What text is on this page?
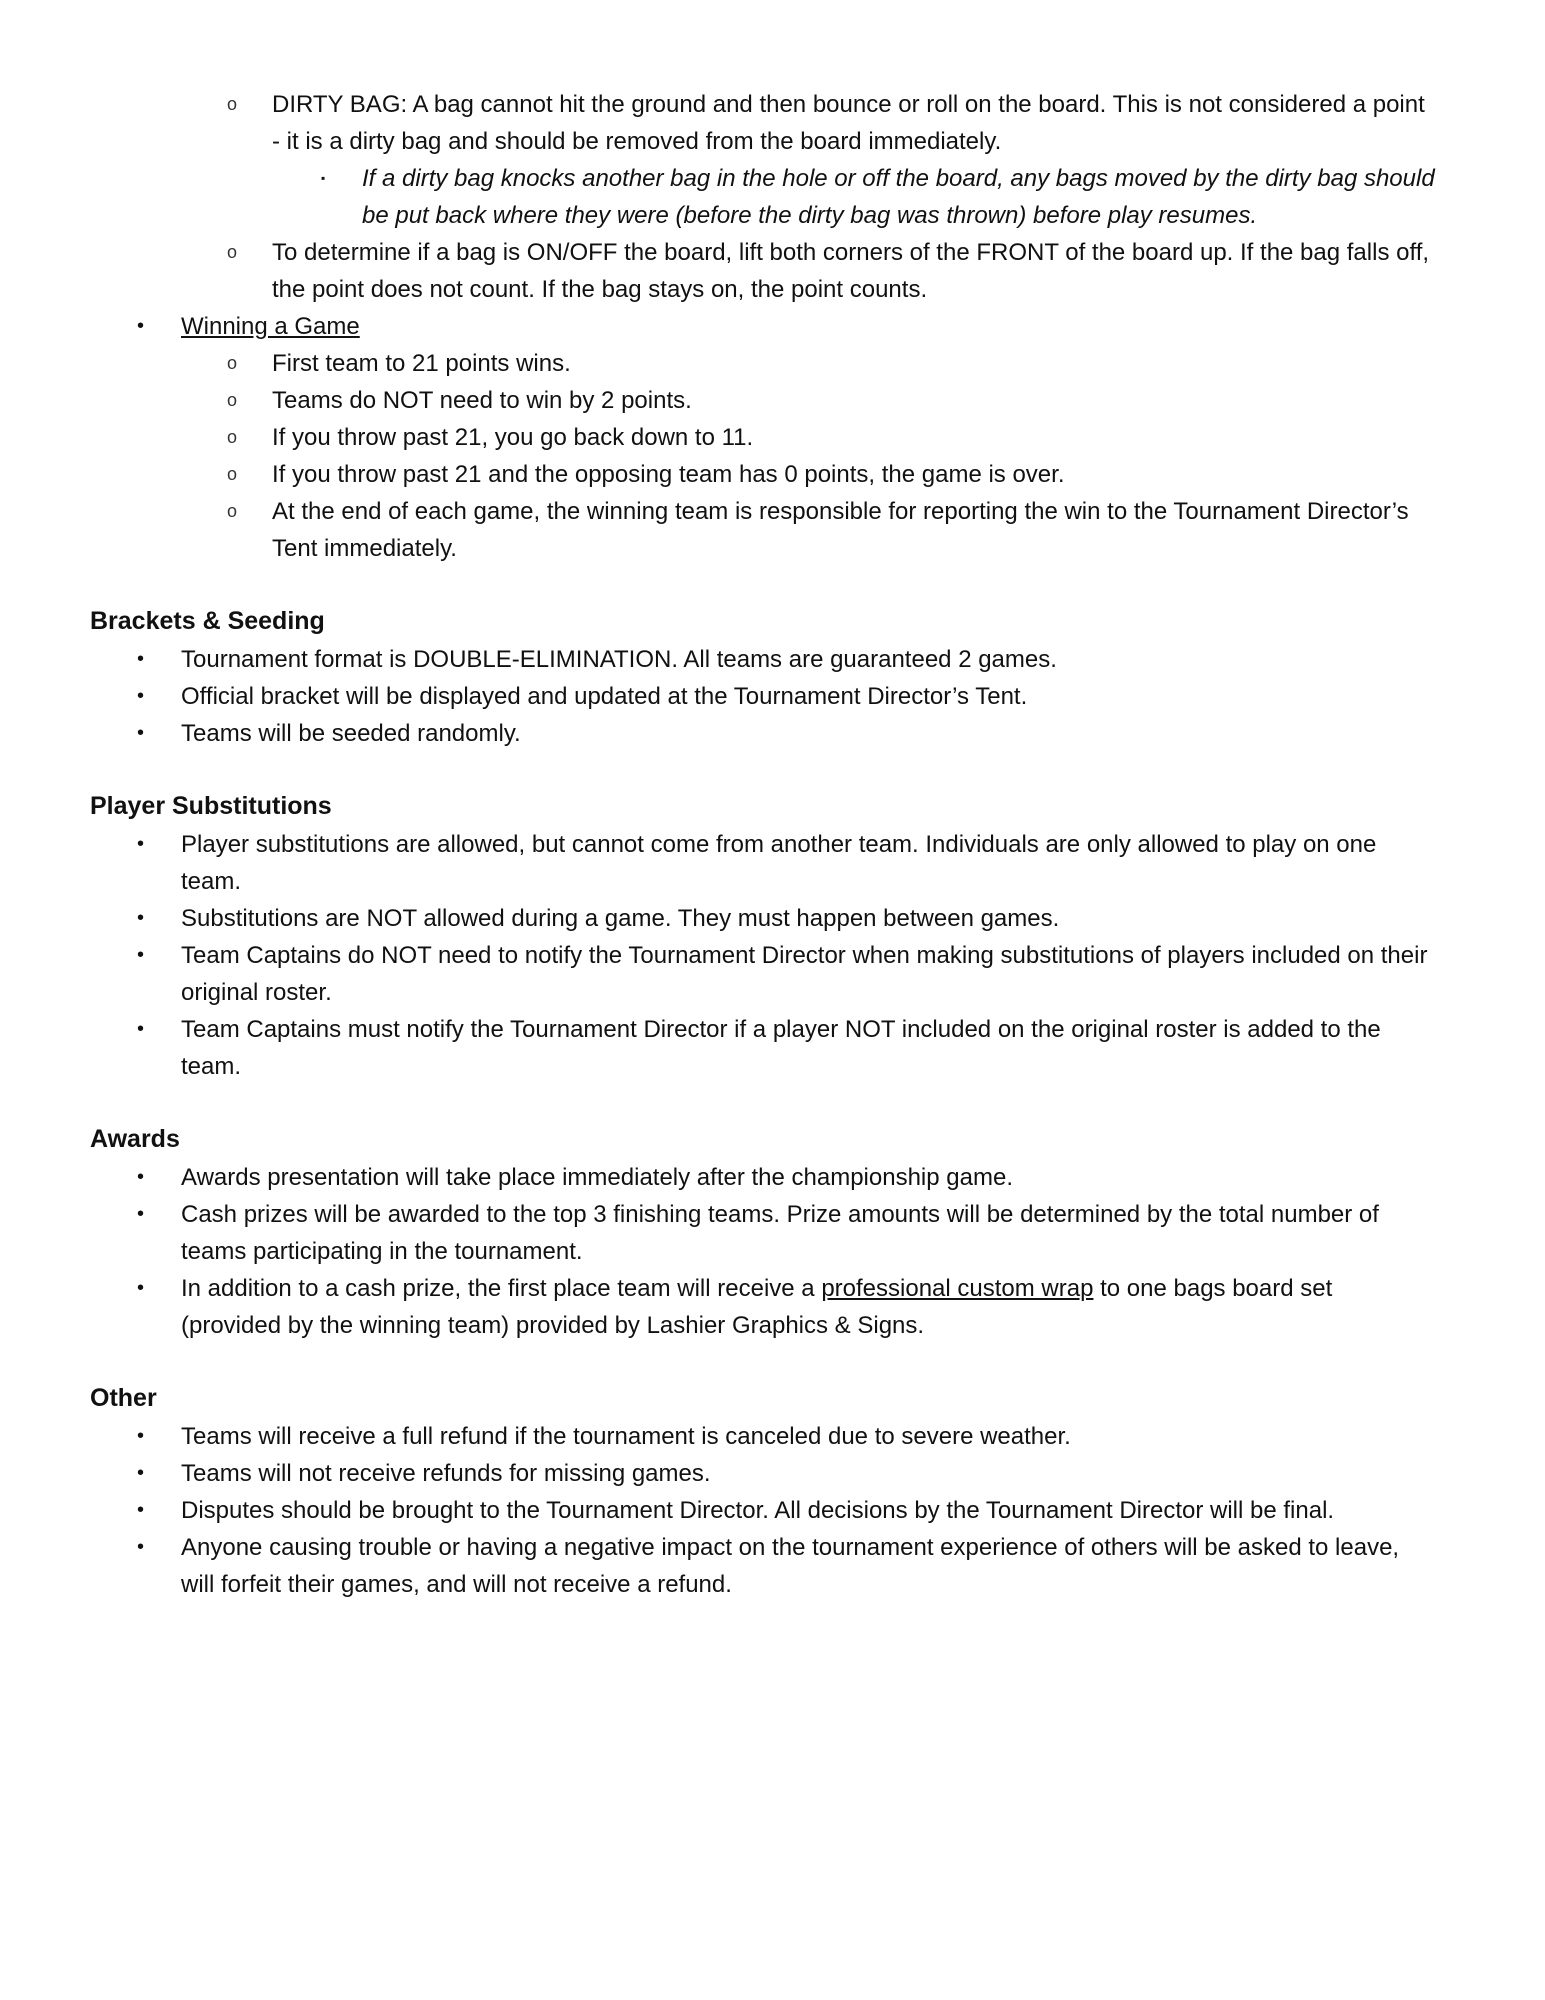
o DIRTY BAG: A bag cannot hit the ground and then bounce or roll on the board. This is not considered a point - it is a dirty bag and should be removed from the board immediately.
▪ If a dirty bag knocks another bag in the hole or off the board, any bags moved by the dirty bag should be put back where they were (before the dirty bag was thrown) before play resumes.
o To determine if a bag is ON/OFF the board, lift both corners of the FRONT of the board up. If the bag falls off, the point does not count. If the bag stays on, the point counts.
• Winning a Game
o First team to 21 points wins.
o Teams do NOT need to win by 2 points.
o If you throw past 21, you go back down to 11.
o If you throw past 21 and the opposing team has 0 points, the game is over.
o At the end of each game, the winning team is responsible for reporting the win to the Tournament Director’s Tent immediately.
Brackets & Seeding
• Tournament format is DOUBLE-ELIMINATION. All teams are guaranteed 2 games.
• Official bracket will be displayed and updated at the Tournament Director’s Tent.
• Teams will be seeded randomly.
Player Substitutions
• Player substitutions are allowed, but cannot come from another team. Individuals are only allowed to play on one team.
• Substitutions are NOT allowed during a game. They must happen between games.
• Team Captains do NOT need to notify the Tournament Director when making substitutions of players included on their original roster.
• Team Captains must notify the Tournament Director if a player NOT included on the original roster is added to the team.
Awards
• Awards presentation will take place immediately after the championship game.
• Cash prizes will be awarded to the top 3 finishing teams. Prize amounts will be determined by the total number of teams participating in the tournament.
• In addition to a cash prize, the first place team will receive a professional custom wrap to one bags board set (provided by the winning team) provided by Lashier Graphics & Signs.
Other
• Teams will receive a full refund if the tournament is canceled due to severe weather.
• Teams will not receive refunds for missing games.
• Disputes should be brought to the Tournament Director. All decisions by the Tournament Director will be final.
• Anyone causing trouble or having a negative impact on the tournament experience of others will be asked to leave, will forfeit their games, and will not receive a refund.
